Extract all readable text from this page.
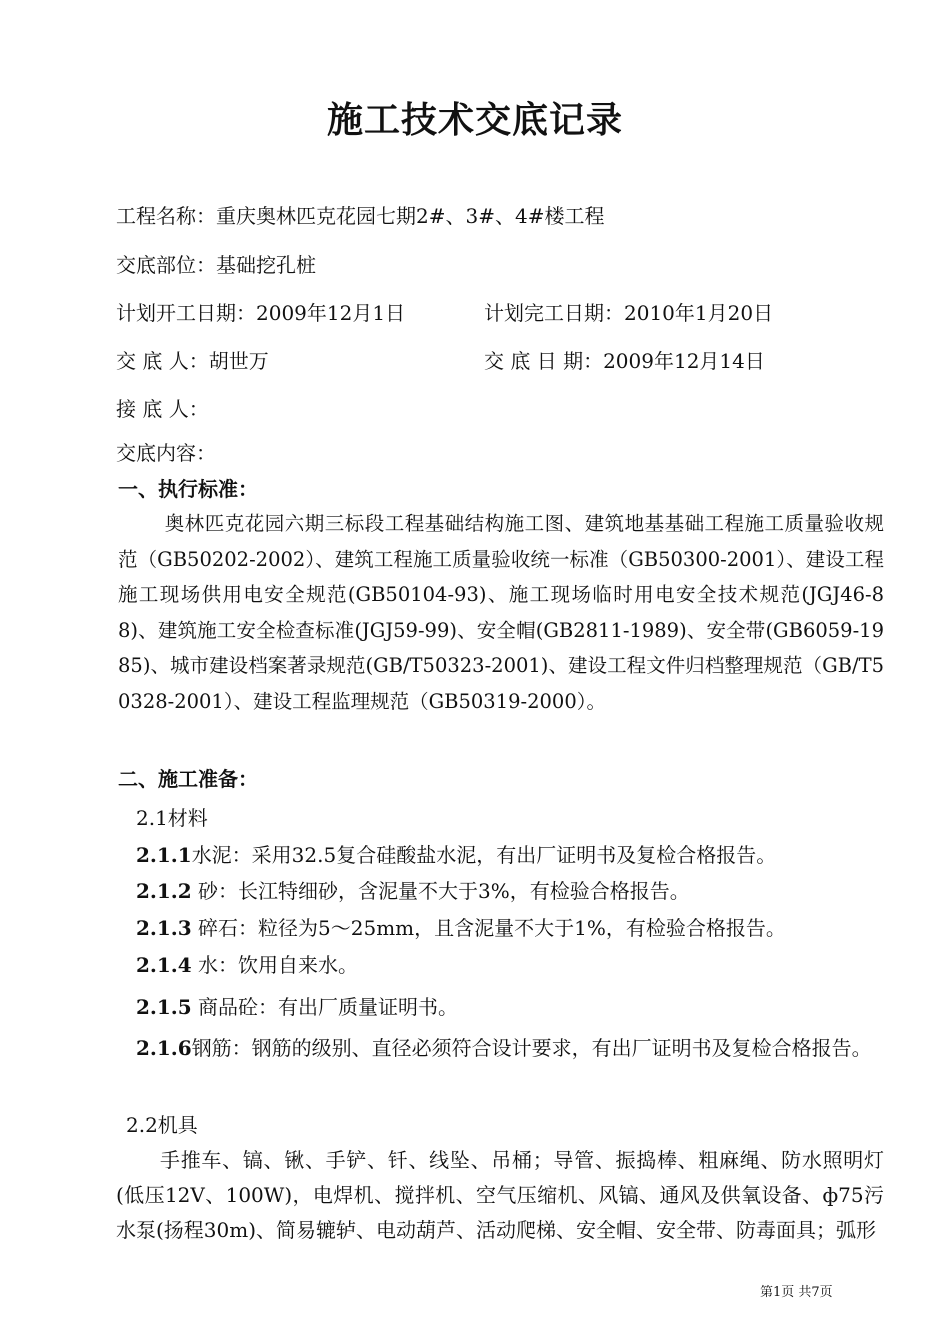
施工技术交底记录
工程名称：重庆奥林匹克花园七期2#、3#、4#楼工程
交底部位：基础挖孔桩
计划开工日期：2009年12月1日	计划完工日期：2010年1月20日
交 底 人：胡世万	交 底 日 期：2009年12月14日
接 底 人：
交底内容：
一、执行标准：
奥林匹克花园六期三标段工程基础结构施工图、建筑地基基础工程施工质量验收规范（GB50202-2002）、建筑工程施工质量验收统一标准（GB50300-2001）、建设工程施工现场供用电安全规范(GB50104-93)、施工现场临时用电安全技术规范(JGJ46-88)、建筑施工安全检查标准(JGJ59-99)、安全帽(GB2811-1989)、安全带(GB6059-1985)、城市建设档案著录规范(GB/T50323-2001)、建设工程文件归档整理规范（GB/T50328-2001）、建设工程监理规范（GB50319-2000）。
二、施工准备：
2.1材料
2.1.1水泥：采用32.5复合硅酸盐水泥，有出厂证明书及复检合格报告。
2.1.2 砂：长江特细砂，含泥量不大于3%，有检验合格报告。
2.1.3 碎石：粒径为5～25mm，且含泥量不大于1%，有检验合格报告。
2.1.4 水：饮用自来水。
2.1.5 商品砼：有出厂质量证明书。
2.1.6钢筋：钢筋的级别、直径必须符合设计要求，有出厂证明书及复检合格报告。
2.2机具
手推车、镐、锹、手铲、钎、线坠、吊桶；导管、振捣棒、粗麻绳、防水照明灯(低压12V、100W)，电焊机、搅拌机、空气压缩机、风镐、通风及供氧设备、ф75污水泵(扬程30m)、简易辘轳、电动葫芦、活动爬梯、安全帽、安全带、防毒面具；弧形
第1页 共7页
